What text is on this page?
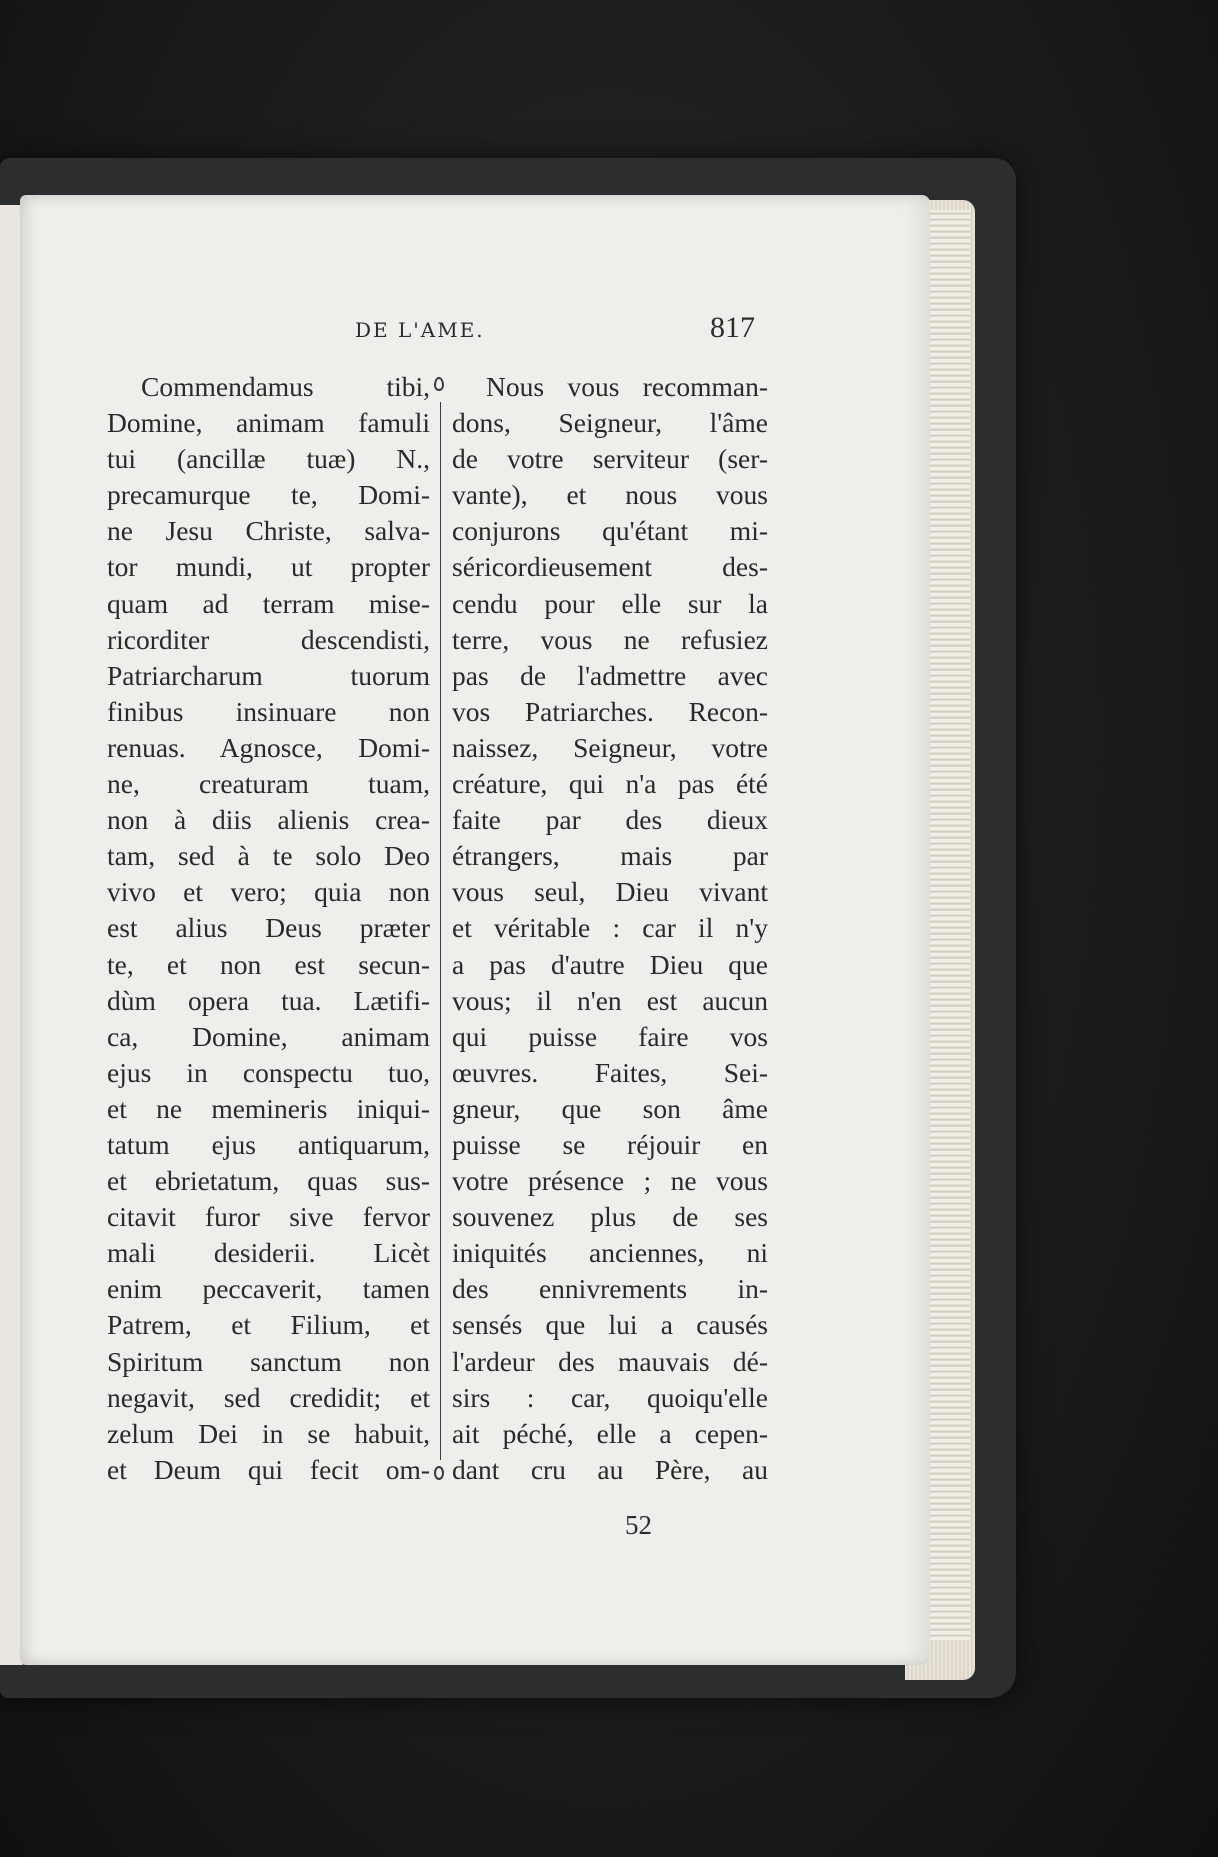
DE L'AME.	817
Commendamus tibi,
Domine, animam famuli
tui (ancillæ tuæ) N.,
precamurque te, Domi-
ne Jesu Christe, salva-
tor mundi, ut propter
quam ad terram mise-
ricorditer descendisti,
Patriarcharum tuorum
finibus insinuare non
renuas. Agnosce, Domi-
ne, creaturam tuam,
non à diis alienis crea-
tam, sed à te solo Deo
vivo et vero; quia non
est alius Deus præter
te, et non est secun-
dùm opera tua. Lætifi-
ca, Domine, animam
ejus in conspectu tuo,
et ne memineris iniqui-
tatum ejus antiquarum,
et ebrietatum, quas sus-
citavit furor sive fervor
mali desiderii. Licèt
enim peccaverit, tamen
Patrem, et Filium, et
Spiritum sanctum non
negavit, sed credidit; et
zelum Dei in se habuit,
et Deum qui fecit om-
Nous vous recomman-
dons, Seigneur, l'âme
de votre serviteur (ser-
vante), et nous vous
conjurons qu'étant mi-
séricordieusement des-
cendu pour elle sur la
terre, vous ne refusiez
pas de l'admettre avec
vos Patriarches. Recon-
naissez, Seigneur, votre
créature, qui n'a pas été
faite par des dieux
étrangers, mais par
vous seul, Dieu vivant
et véritable : car il n'y
a pas d'autre Dieu que
vous; il n'en est aucun
qui puisse faire vos
œuvres. Faites, Sei-
gneur, que son âme
puisse se réjouir en
votre présence ; ne vous
souvenez plus de ses
iniquités anciennes, ni
des ennivrements in-
sensés que lui a causés
l'ardeur des mauvais dé-
sirs : car, quoiqu'elle
ait péché, elle a cepen-
dant cru au Père, au
52
